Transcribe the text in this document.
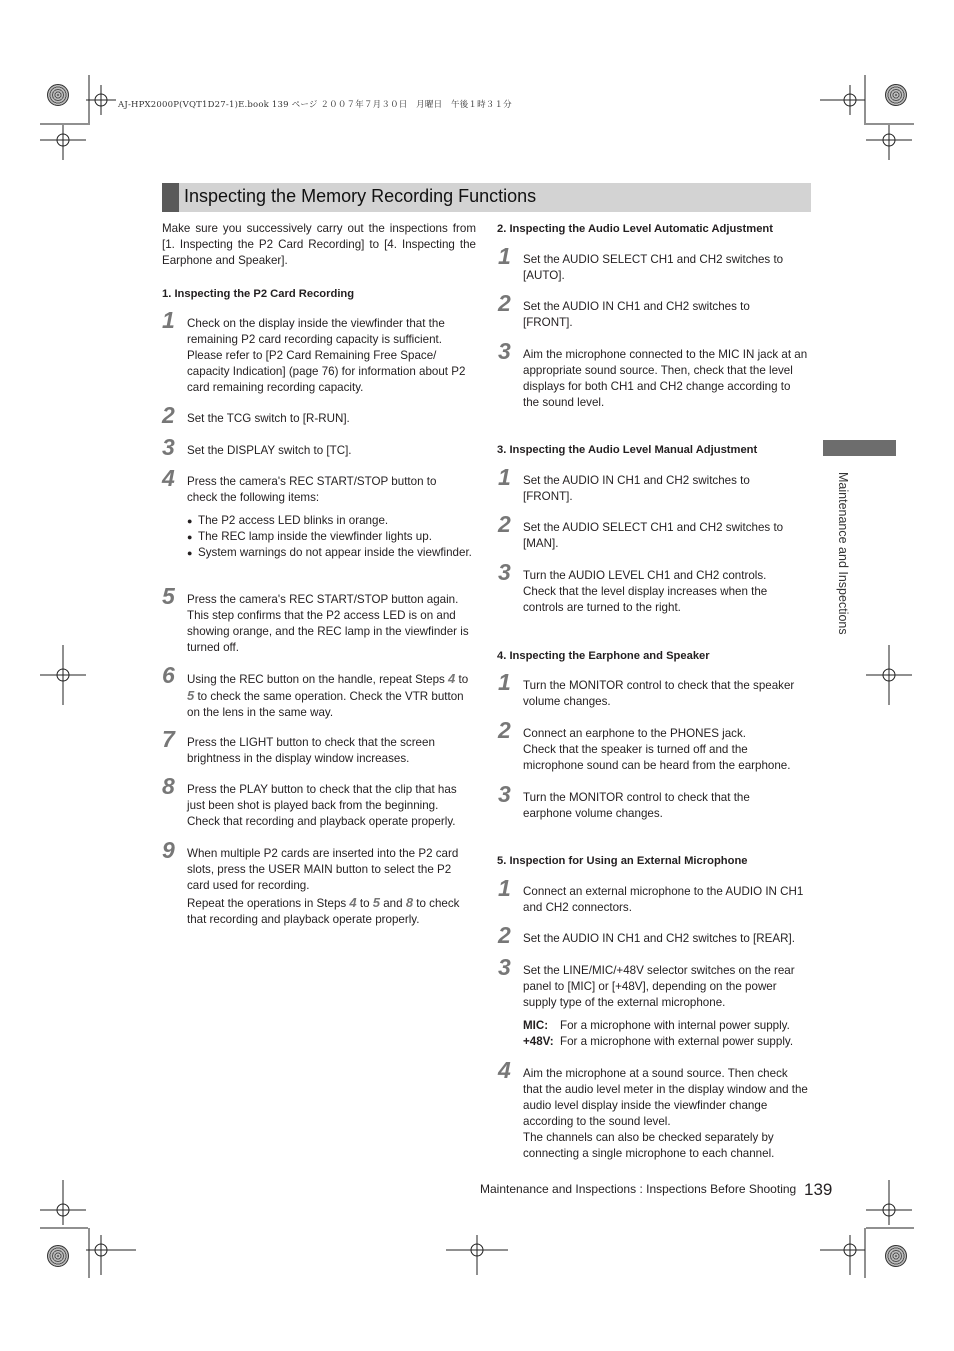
AJ-HPX2000P(VQT1D27-1)E.book 139 ページ ２００７年７月３０日　月曜日　午後１時３１分
Inspecting the Memory Recording Functions
Make sure you successively carry out the inspections from [1. Inspecting the P2 Card Recording] to [4. Inspecting the Earphone and Speaker].
1. Inspecting the P2 Card Recording
1 Check on the display inside the viewfinder that the remaining P2 card recording capacity is sufficient. Please refer to [P2 Card Remaining Free Space/ capacity Indication] (page 76) for information about P2 card remaining recording capacity.
2 Set the TCG switch to [R-RUN].
3 Set the DISPLAY switch to [TC].
4 Press the camera's REC START/STOP button to check the following items:
● The P2 access LED blinks in orange.
● The REC lamp inside the viewfinder lights up.
● System warnings do not appear inside the viewfinder.
5 Press the camera's REC START/STOP button again. This step confirms that the P2 access LED is on and showing orange, and the REC lamp in the viewfinder is turned off.
6 Using the REC button on the handle, repeat Steps 4 to 5 to check the same operation. Check the VTR button on the lens in the same way.
7 Press the LIGHT button to check that the screen brightness in the display window increases.
8 Press the PLAY button to check that the clip that has just been shot is played back from the beginning. Check that recording and playback operate properly.
9 When multiple P2 cards are inserted into the P2 card slots, press the USER MAIN button to select the P2 card used for recording.
Repeat the operations in Steps 4 to 5 and 8 to check that recording and playback operate properly.
2. Inspecting the Audio Level Automatic Adjustment
1 Set the AUDIO SELECT CH1 and CH2 switches to [AUTO].
2 Set the AUDIO IN CH1 and CH2 switches to [FRONT].
3 Aim the microphone connected to the MIC IN jack at an appropriate sound source. Then, check that the level displays for both CH1 and CH2 change according to the sound level.
3. Inspecting the Audio Level Manual Adjustment
1 Set the AUDIO IN CH1 and CH2 switches to [FRONT].
2 Set the AUDIO SELECT CH1 and CH2 switches to [MAN].
3 Turn the AUDIO LEVEL CH1 and CH2 controls. Check that the level display increases when the controls are turned to the right.
4. Inspecting the Earphone and Speaker
1 Turn the MONITOR control to check that the speaker volume changes.
2 Connect an earphone to the PHONES jack.
Check that the speaker is turned off and the microphone sound can be heard from the earphone.
3 Turn the MONITOR control to check that the earphone volume changes.
5. Inspection for Using an External Microphone
1 Connect an external microphone to the AUDIO IN CH1 and CH2 connectors.
2 Set the AUDIO IN CH1 and CH2 switches to [REAR].
3 Set the LINE/MIC/+48V selector switches on the rear panel to [MIC] or [+48V], depending on the power supply type of the external microphone.
MIC: For a microphone with internal power supply.
+48V: For a microphone with external power supply.
4 Aim the microphone at a sound source. Then check that the audio level meter in the display window and the audio level display inside the viewfinder change according to the sound level.
The channels can also be checked separately by connecting a single microphone to each channel.
Maintenance and Inspections
Maintenance and Inspections : Inspections Before Shooting 139
